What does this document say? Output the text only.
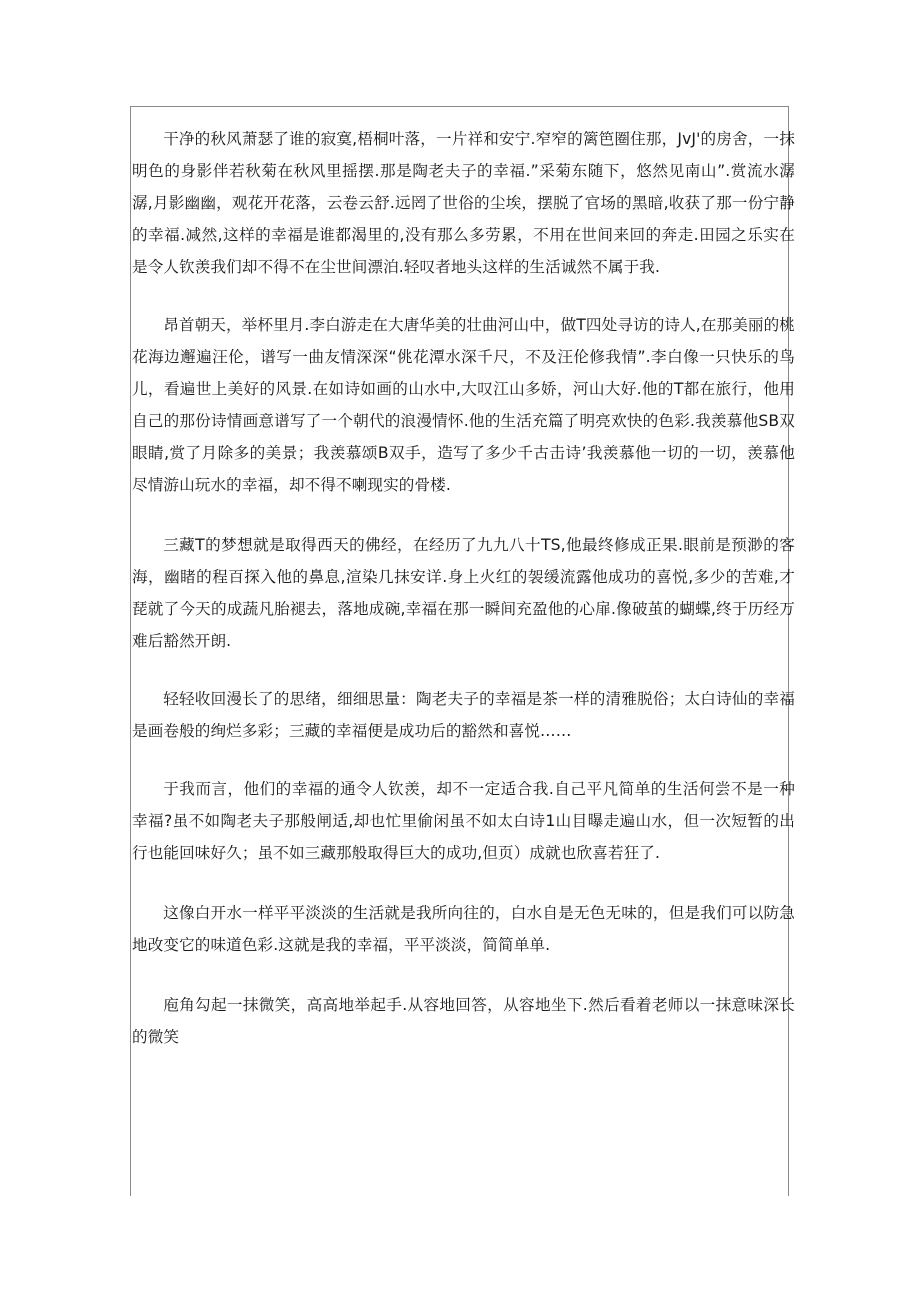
干净的秋风萧瑟了谁的寂寞,梧桐叶落，一片祥和安宁.窄窄的篱笆圈住那，JvJ'的房舍，一抹明色的身影伴若秋菊在秋风里摇摆.那是陶老夫子的幸福.”采菊东随下，悠然见南山”.赏流水潺潺,月影幽幽，观花开花落，云卷云舒.远罔了世俗的尘埃，摆脱了官场的黑暗,收获了那一份宁静的幸福.减然,这样的幸福是谁都渴里的,没有那么多劳累，不用在世间来回的奔走.田园之乐实在是令人钦羡我们却不得不在尘世间漂泊.轻叹者地头这样的生活诚然不属于我.

昂首朝天，举杯里月.李白游走在大唐华美的壮曲河山中，做T四处寻访的诗人,在那美丽的桃花海边邂遍汪伦，谱写一曲友情深深“佻花潭水深千尺，不及汪伦修我情”.李白像一只快乐的鸟儿，看遍世上美好的风景.在如诗如画的山水中,大叹江山多娇，河山大好.他的T都在旅行，他用自己的那份诗情画意谱写了一个朝代的浪漫情怀.他的生活充篇了明亮欢快的色彩.我羡慕他SB双眼睛,赏了月除多的美景；我羡慕颂B双手，造写了多少千古击诗’我羡慕他一切的一切，羡慕他尽情游山玩水的幸福，却不得不喇现实的骨楼.

三藏T的梦想就是取得西天的佛经，在经历了九九八十TS,他最终修成正果.眼前是预渺的客海，幽睹的程百探入他的鼻息,渲染几抹安详.身上火红的袈缓流露他成功的喜悦,多少的苦难,才琵就了今天的成蔬凡胎褪去，落地成碗,幸福在那一瞬间充盈他的心扉.像破茧的蝴蝶,终于历经万难后豁然开朗.

轻轻收回漫长了的思绪，细细思量：陶老夫子的幸福是茶一样的清雅脱俗；太白诗仙的幸福是画卷般的绚烂多彩；三藏的幸福便是成功后的豁然和喜悦……

于我而言，他们的幸福的通令人钦羡，却不一定适合我.自己平凡简单的生活何尝不是一种幸福?虽不如陶老夫子那般闸适,却也忙里偷闲虽不如太白诗1山目曝走遍山水，但一次短暂的出行也能回味好久；虽不如三藏那般取得巨大的成功,但页）成就也欣喜若狂了.

这像白开水一样平平淡淡的生活就是我所向往的，白水自是无色无味的，但是我们可以防急地改变它的味道色彩.这就是我的幸福，平平淡淡，简简单单.

庖角勾起一抹微笑，高高地举起手.从容地回答，从容地坐下.然后看着老师以一抹意味深长的微笑
